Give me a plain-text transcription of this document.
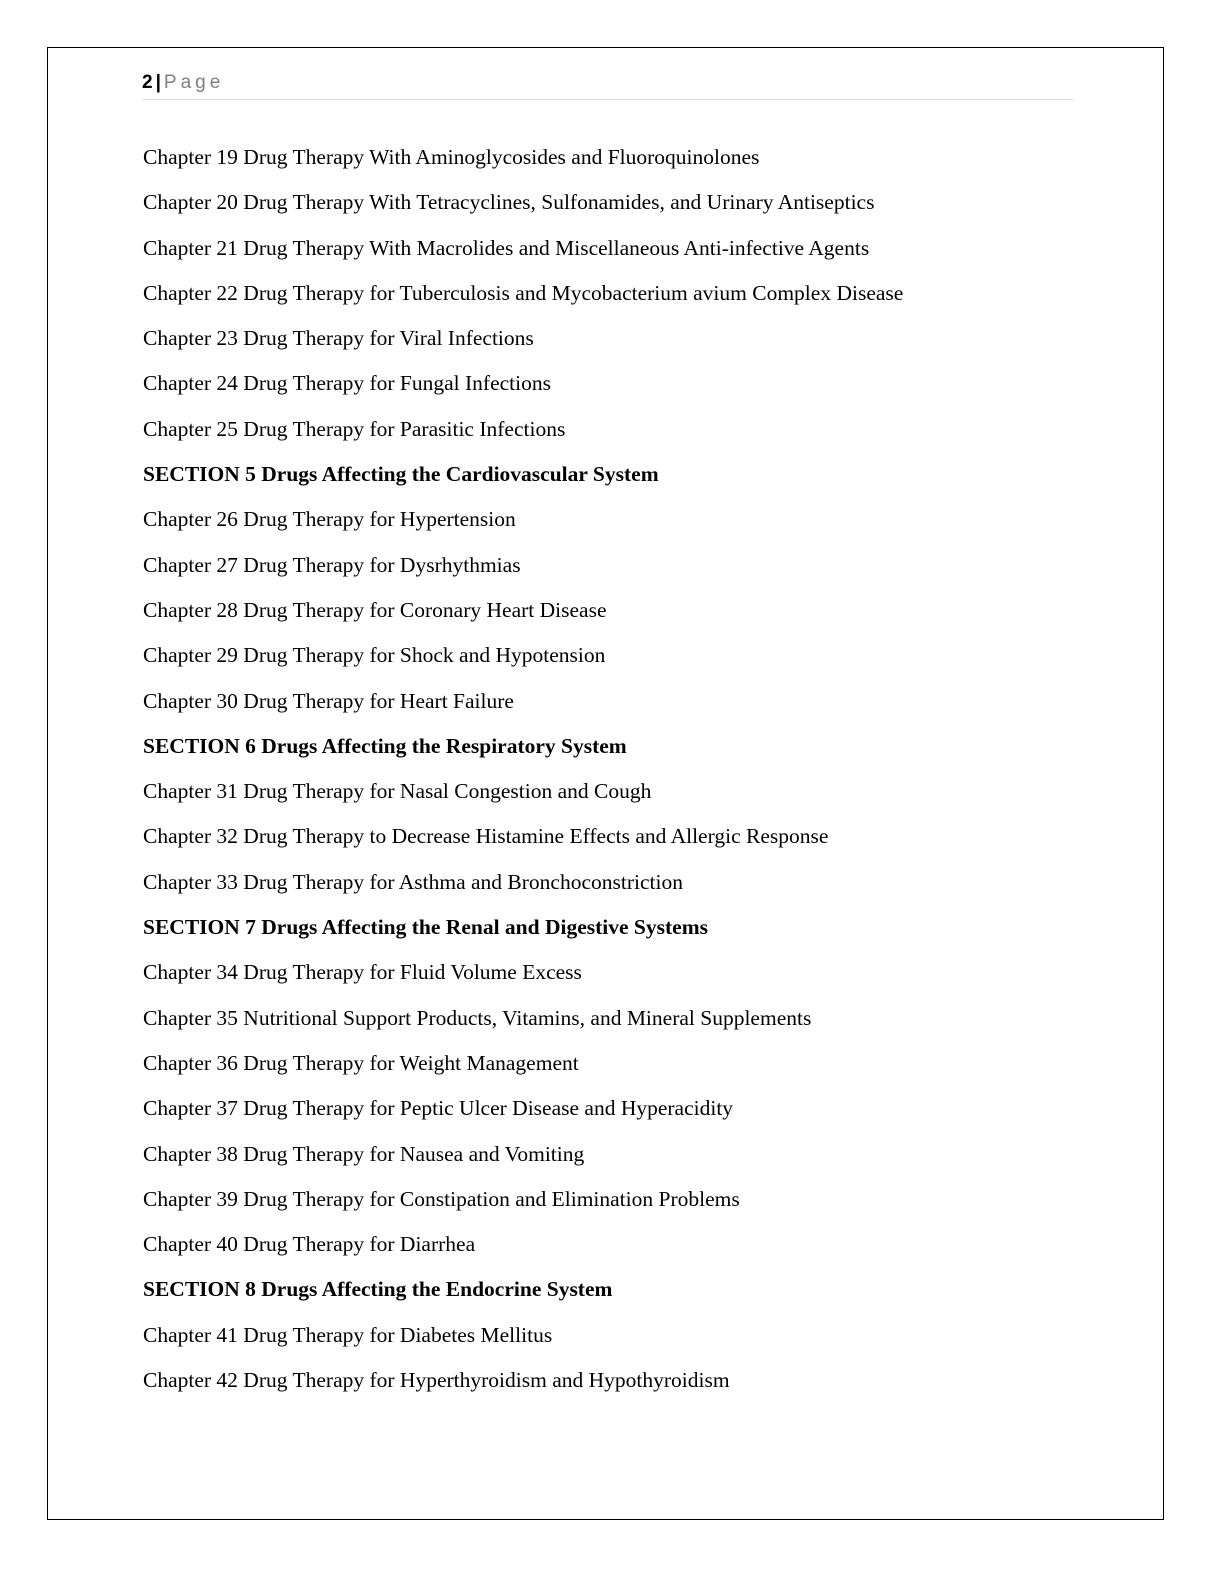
2 | Page
Chapter 19 Drug Therapy With Aminoglycosides and Fluoroquinolones
Chapter 20 Drug Therapy With Tetracyclines, Sulfonamides, and Urinary Antiseptics
Chapter 21 Drug Therapy With Macrolides and Miscellaneous Anti-infective Agents
Chapter 22 Drug Therapy for Tuberculosis and Mycobacterium avium Complex Disease
Chapter 23 Drug Therapy for Viral Infections
Chapter 24 Drug Therapy for Fungal Infections
Chapter 25 Drug Therapy for Parasitic Infections
SECTION 5 Drugs Affecting the Cardiovascular System
Chapter 26 Drug Therapy for Hypertension
Chapter 27 Drug Therapy for Dysrhythmias
Chapter 28 Drug Therapy for Coronary Heart Disease
Chapter 29 Drug Therapy for Shock and Hypotension
Chapter 30 Drug Therapy for Heart Failure
SECTION 6 Drugs Affecting the Respiratory System
Chapter 31 Drug Therapy for Nasal Congestion and Cough
Chapter 32 Drug Therapy to Decrease Histamine Effects and Allergic Response
Chapter 33 Drug Therapy for Asthma and Bronchoconstriction
SECTION 7 Drugs Affecting the Renal and Digestive Systems
Chapter 34 Drug Therapy for Fluid Volume Excess
Chapter 35 Nutritional Support Products, Vitamins, and Mineral Supplements
Chapter 36 Drug Therapy for Weight Management
Chapter 37 Drug Therapy for Peptic Ulcer Disease and Hyperacidity
Chapter 38 Drug Therapy for Nausea and Vomiting
Chapter 39 Drug Therapy for Constipation and Elimination Problems
Chapter 40 Drug Therapy for Diarrhea
SECTION 8 Drugs Affecting the Endocrine System
Chapter 41 Drug Therapy for Diabetes Mellitus
Chapter 42 Drug Therapy for Hyperthyroidism and Hypothyroidism
